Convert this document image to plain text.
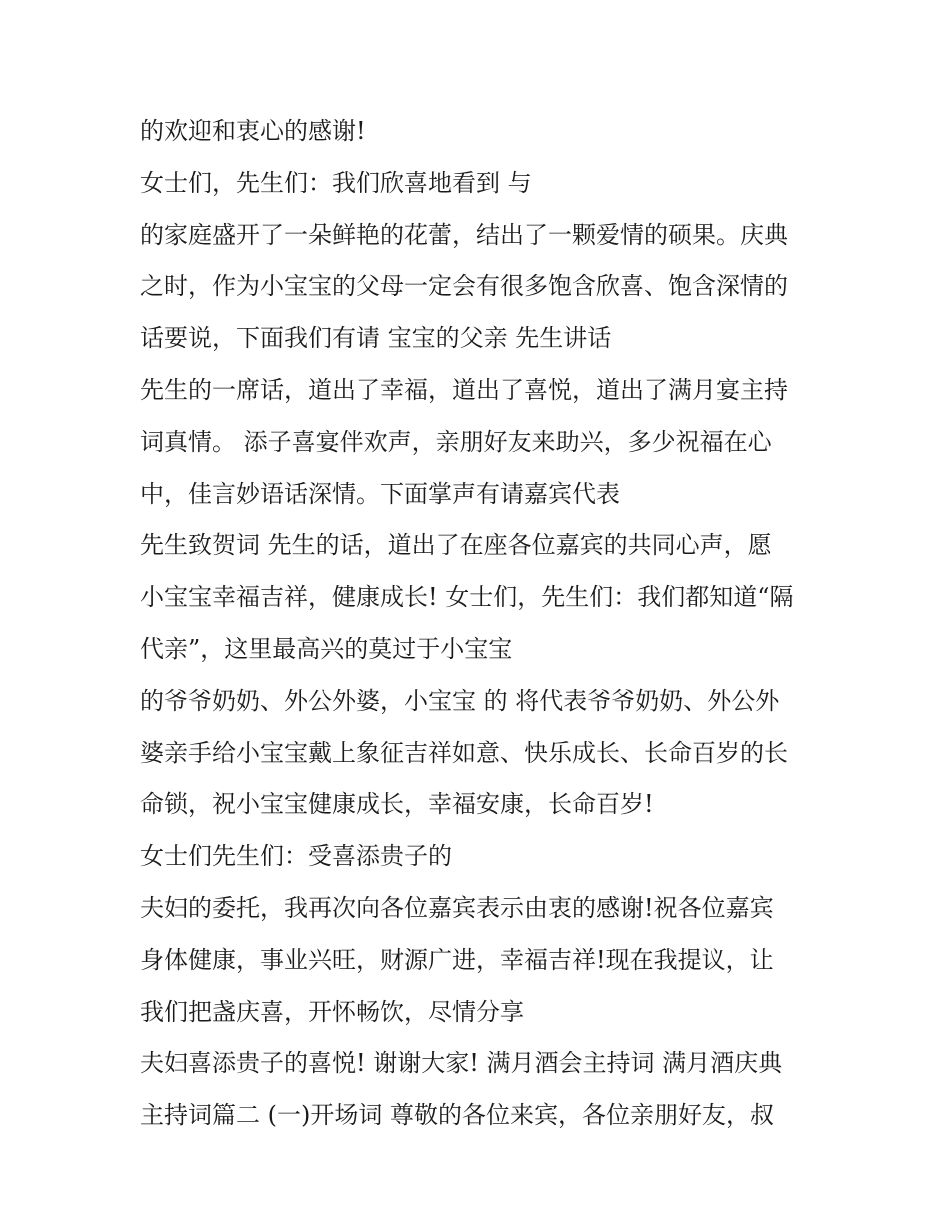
的欢迎和衷心的感谢!
女士们，先生们：我们欣喜地看到 与
的家庭盛开了一朵鲜艳的花蕾，结出了一颗爱情的硕果。庆典
之时，作为小宝宝的父母一定会有很多饱含欣喜、饱含深情的
话要说，下面我们有请 宝宝的父亲 先生讲话
先生的一席话，道出了幸福，道出了喜悦，道出了满月宴主持
词真情。 添子喜宴伴欢声，亲朋好友来助兴，多少祝福在心
中，佳言妙语话深情。下面掌声有请嘉宾代表
先生致贺词 先生的话，道出了在座各位嘉宾的共同心声，愿
小宝宝幸福吉祥，健康成长! 女士们，先生们：我们都知道“隔
代亲”，这里最高兴的莫过于小宝宝
的爷爷奶奶、外公外婆，小宝宝 的 将代表爷爷奶奶、外公外
婆亲手给小宝宝戴上象征吉祥如意、快乐成长、长命百岁的长
命锁，祝小宝宝健康成长，幸福安康，长命百岁!
女士们先生们：受喜添贵子的
夫妇的委托，我再次向各位嘉宾表示由衷的感谢!祝各位嘉宾
身体健康，事业兴旺，财源广进，幸福吉祥!现在我提议，让
我们把盏庆喜，开怀畅饮，尽情分享
夫妇喜添贵子的喜悦! 谢谢大家! 满月酒会主持词 满月酒庆典
主持词篇二 (一)开场词 尊敬的各位来宾，各位亲朋好友，叔
